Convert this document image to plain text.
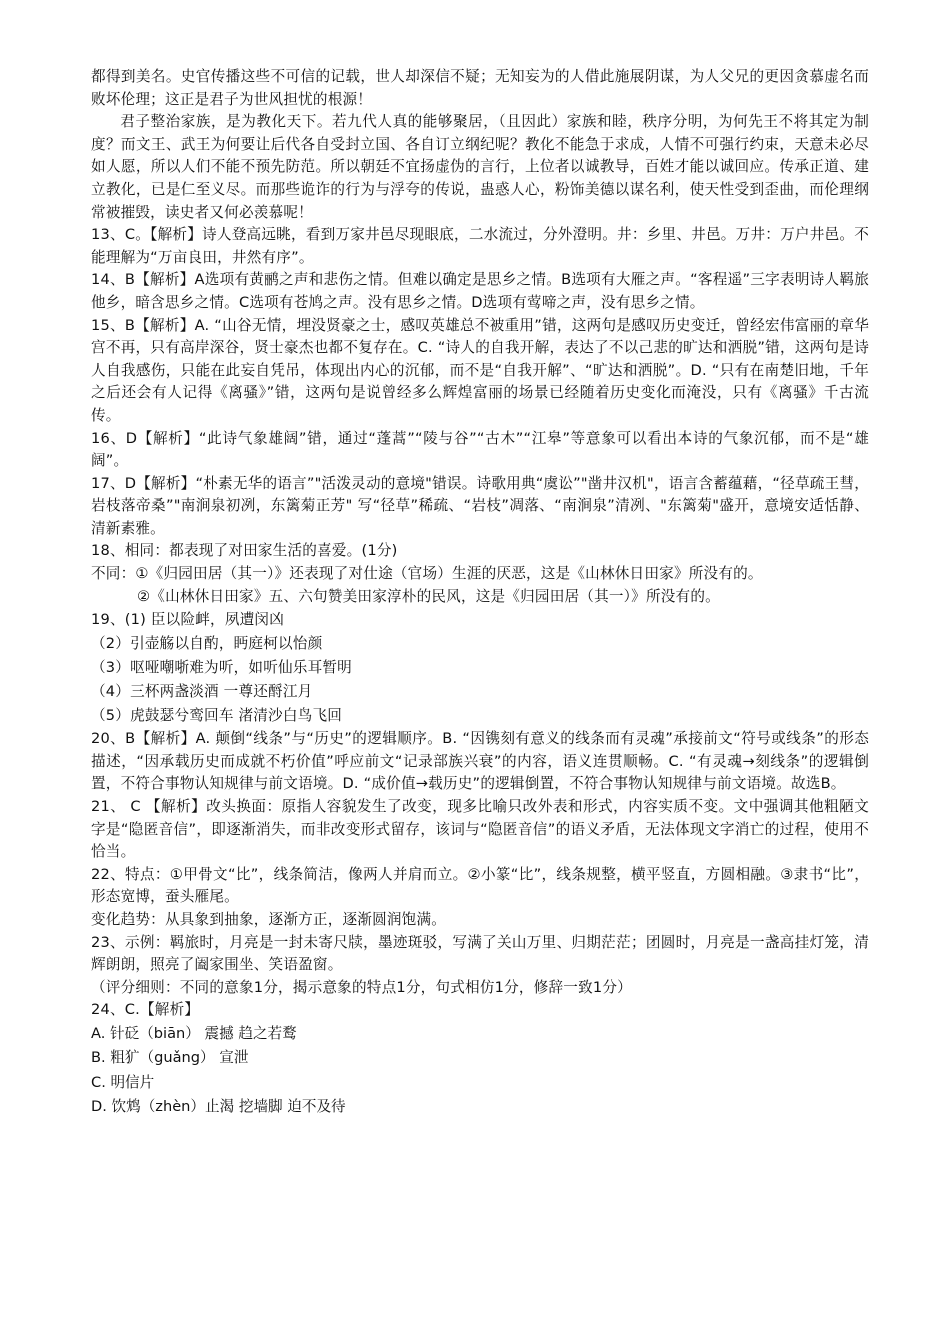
都得到美名。史官传播这些不可信的记载，世人却深信不疑；无知妄为的人借此施展阴谋，为人父兄的更因贪慕虚名而败坏伦理；这正是君子为世风担忧的根源！

君子整治家族，是为教化天下。若九代人真的能够聚居，（且因此）家族和睦，秩序分明，为何先王不将其定为制度？而文王、武王为何要让后代各自受封立国、各自订立纲纪呢？教化不能急于求成，人情不可强行约束，天意未必尽如人愿，所以人们不能不预先防范。所以朝廷不宜扬虚伪的言行，上位者以诚教导，百姓才能以诚回应。传承正道、建立教化，已是仁至义尽。而那些诡诈的行为与浮夸的传说，蛊惑人心，粉饰美德以谋名利，使天性受到歪曲，而伦理纲常被摧毁，读史者又何必羡慕呢！

13、C。【解析】诗人登高远眺，看到万家井邑尽现眼底，二水流过，分外澄明。井：乡里、井邑。万井：万户井邑。不能理解为“万亩良田，井然有序”。

14、B【解析】A选项有黄鹂之声和悲伤之情。但难以确定是思乡之情。B选项有大雁之声。“客程遥”三字表明诗人羁旅他乡，暗含思乡之情。C选项有苍鸠之声。没有思乡之情。D选项有莺啼之声，没有思乡之情。

15、B【解析】A. “山谷无情，埋没贤豪之士，感叹英雄总不被重用”错，这两句是感叹历史变迁，曾经宏伟富丽的章华宫不再，只有高岸深谷，贤士豪杰也都不复存在。C. “诗人的自我开解，表达了不以己悲的旷达和洒脱”错，这两句是诗人自我感伤，只能在此妄自凭吊，体现出内心的沉郁，而不是“自我开解”、“旷达和洒脱”。D. “只有在南楚旧地，千年之后还会有人记得《离骚》”错，这两句是说曾经多么辉煌富丽的场景已经随着历史变化而淹没，只有《离骚》千古流传。

16、D【解析】“此诗气象雄阔”错，通过“蓬蒿”“陵与谷”“古木”“江皋”等意象可以看出本诗的气象沉郁，而不是“雄阔”。

17、D【解析】“朴素无华的语言”"活泼灵动的意境"错误。诗歌用典“虞讼”"凿井汉机"，语言含蓄蕴藉，“径草疏王彗，岩枝落帝桑”"南涧泉初冽，东篱菊正芳" 写“径草”稀疏、“岩枝”凋落、“南涧泉”清冽、"东篱菊"盛开，意境安适恬静、清新素雅。

18、相同：都表现了对田家生活的喜爱。(1分)

不同：①《归园田居（其一）》还表现了对仕途（官场）生涯的厌恶，这是《山林休日田家》所没有的。

②《山林休日田家》五、六句赞美田家淳朴的民风，这是《归园田居（其一）》所没有的。

19、(1) 臣以险衅，夙遭闵凶

（2）引壶觞以自酌，眄庭柯以怡颜

（3）呕哑嘲哳难为听，如听仙乐耳暂明

（4）三杯两盏淡酒 一尊还酹江月

（5）虎鼓瑟兮鸾回车 渚清沙白鸟飞回

20、B【解析】A. 颠倒“线条”与“历史”的逻辑顺序。B. “因镌刻有意义的线条而有灵魂”承接前文“符号或线条”的形态描述，“因承载历史而成就不朽价值”呼应前文“记录部族兴衰”的内容，语义连贯顺畅。C. “有灵魂→刻线条”的逻辑倒置，不符合事物认知规律与前文语境。D. “成价值→载历史”的逻辑倒置，不符合事物认知规律与前文语境。故选B。

21、 C 【解析】改头换面：原指人容貌发生了改变，现多比喻只改外表和形式，内容实质不变。文中强调其他粗陋文字是“隐匿音信”，即逐渐消失，而非改变形式留存，该词与“隐匿音信”的语义矛盾，无法体现文字消亡的过程，使用不恰当。

22、特点：①甲骨文“比”，线条简洁，像两人并肩而立。②小篆“比”，线条规整，横平竖直，方圆相融。③隶书“比”，形态宽博，蚕头雁尾。

变化趋势：从具象到抽象，逐渐方正，逐渐圆润饱满。

23、示例：羁旅时，月亮是一封未寄尺牍，墨迹斑驳，写满了关山万里、归期茫茫；团圆时，月亮是一盏高挂灯笼，清辉朗朗，照亮了阖家围坐、笑语盈窗。

（评分细则：不同的意象1分，揭示意象的特点1分，句式相仿1分，修辞一致1分）

24、C.【解析】

A. 针砭（biān） 震撼 趋之若鹜

B. 粗犷（guǎng） 宣泄

C. 明信片

D. 饮鸩（zhèn）止渴 挖墙脚 迫不及待
